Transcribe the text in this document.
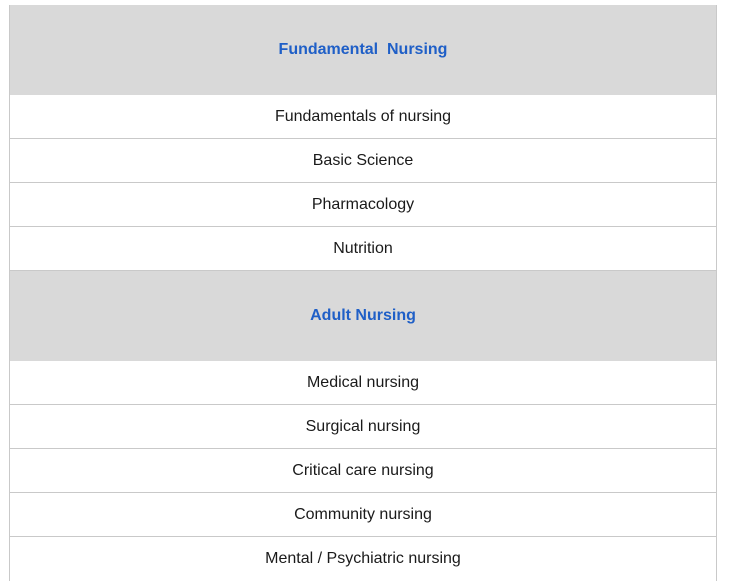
Fundamental  Nursing
Fundamentals of nursing
Basic Science
Pharmacology
Nutrition
Adult Nursing
Medical nursing
Surgical nursing
Critical care nursing
Community nursing
Mental / Psychiatric nursing
